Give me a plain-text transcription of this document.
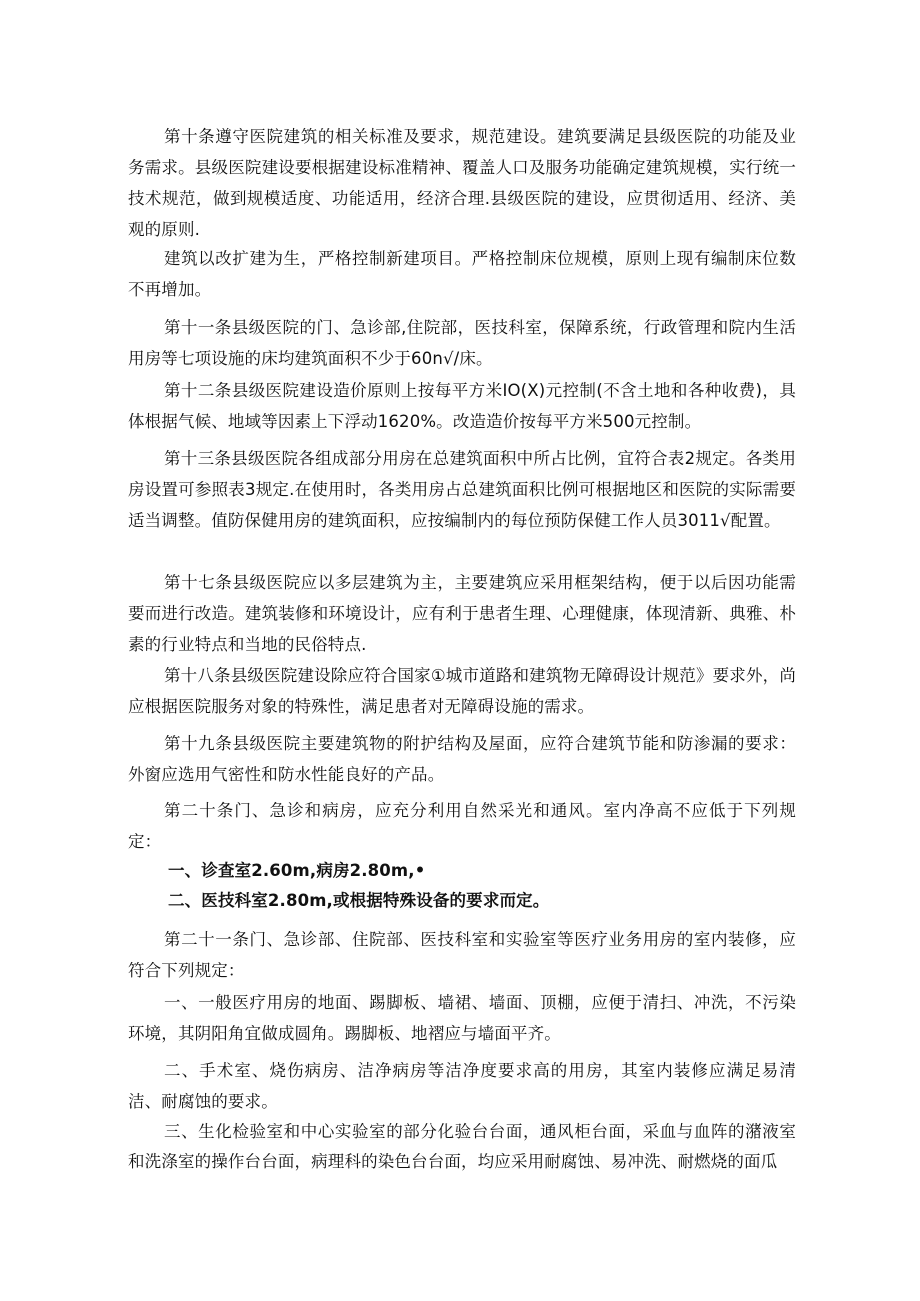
第十条遵守医院建筑的相关标准及要求，规范建设。建筑要满足县级医院的功能及业务需求。县级医院建设要根据建设标准精神、覆盖人口及服务功能确定建筑规模，实行统一技术规范，做到规模适度、功能适用，经济合理.县级医院的建设，应贯彻适用、经济、美观的原则.

建筑以改扩建为生，严格控制新建项目。严格控制床位规模，原则上现有编制床位数不再增加。

第十一条县级医院的门、急诊部,住院部，医技科室，保障系统，行政管理和院内生活用房等七项设施的床均建筑面积不少于60n√/床。

第十二条县级医院建设造价原则上按每平方米IO(X)元控制(不含土地和各种收费)，具体根据气候、地域等因素上下浮动1620%。改造造价按每平方米500元控制。

第十三条县级医院各组成部分用房在总建筑面积中所占比例，宜符合表2规定。各类用房设置可参照表3规定.在使用时，各类用房占总建筑面积比例可根据地区和医院的实际需要适当调整。值防保健用房的建筑面积，应按编制内的每位预防保健工作人员3011√配置。

第十七条县级医院应以多层建筑为主，主要建筑应采用框架结构，便于以后因功能需要而进行改造。建筑装修和环境设计，应有利于患者生理、心理健康，体现清新、典雅、朴素的行业特点和当地的民俗特点.

第十八条县级医院建设除应符合国家①城市道路和建筑物无障碍设计规范》要求外，尚应根据医院服务对象的特殊性，满足患者对无障碍设施的需求。

第十九条县级医院主要建筑物的附护结构及屋面，应符合建筑节能和防渗漏的要求：外窗应选用气密性和防水性能良好的产品。

第二十条门、急诊和病房，应充分利用自然采光和通风。室内净高不应低于下列规定：

一、诊查室2.60m,病房2.80m,•

二、医技科室2.80m,或根据特殊设备的要求而定。

第二十一条门、急诊部、住院部、医技科室和实验室等医疗业务用房的室内装修，应符合下列规定：

一、一般医疗用房的地面、踢脚板、墙裙、墙面、顶棚，应便于清扫、冲洗，不污染环境，其阴阳角宜做成圆角。踢脚板、地褶应与墙面平齐。

二、手术室、烧伤病房、洁净病房等洁净度要求高的用房，其室内装修应满足易清洁、耐腐蚀的要求。

三、生化检验室和中心实验室的部分化验台台面，通风柜台面，采血与血阵的潴液室和洗涤室的操作台台面，病理科的染色台台面，均应采用耐腐蚀、易冲洗、耐燃烧的面瓜
